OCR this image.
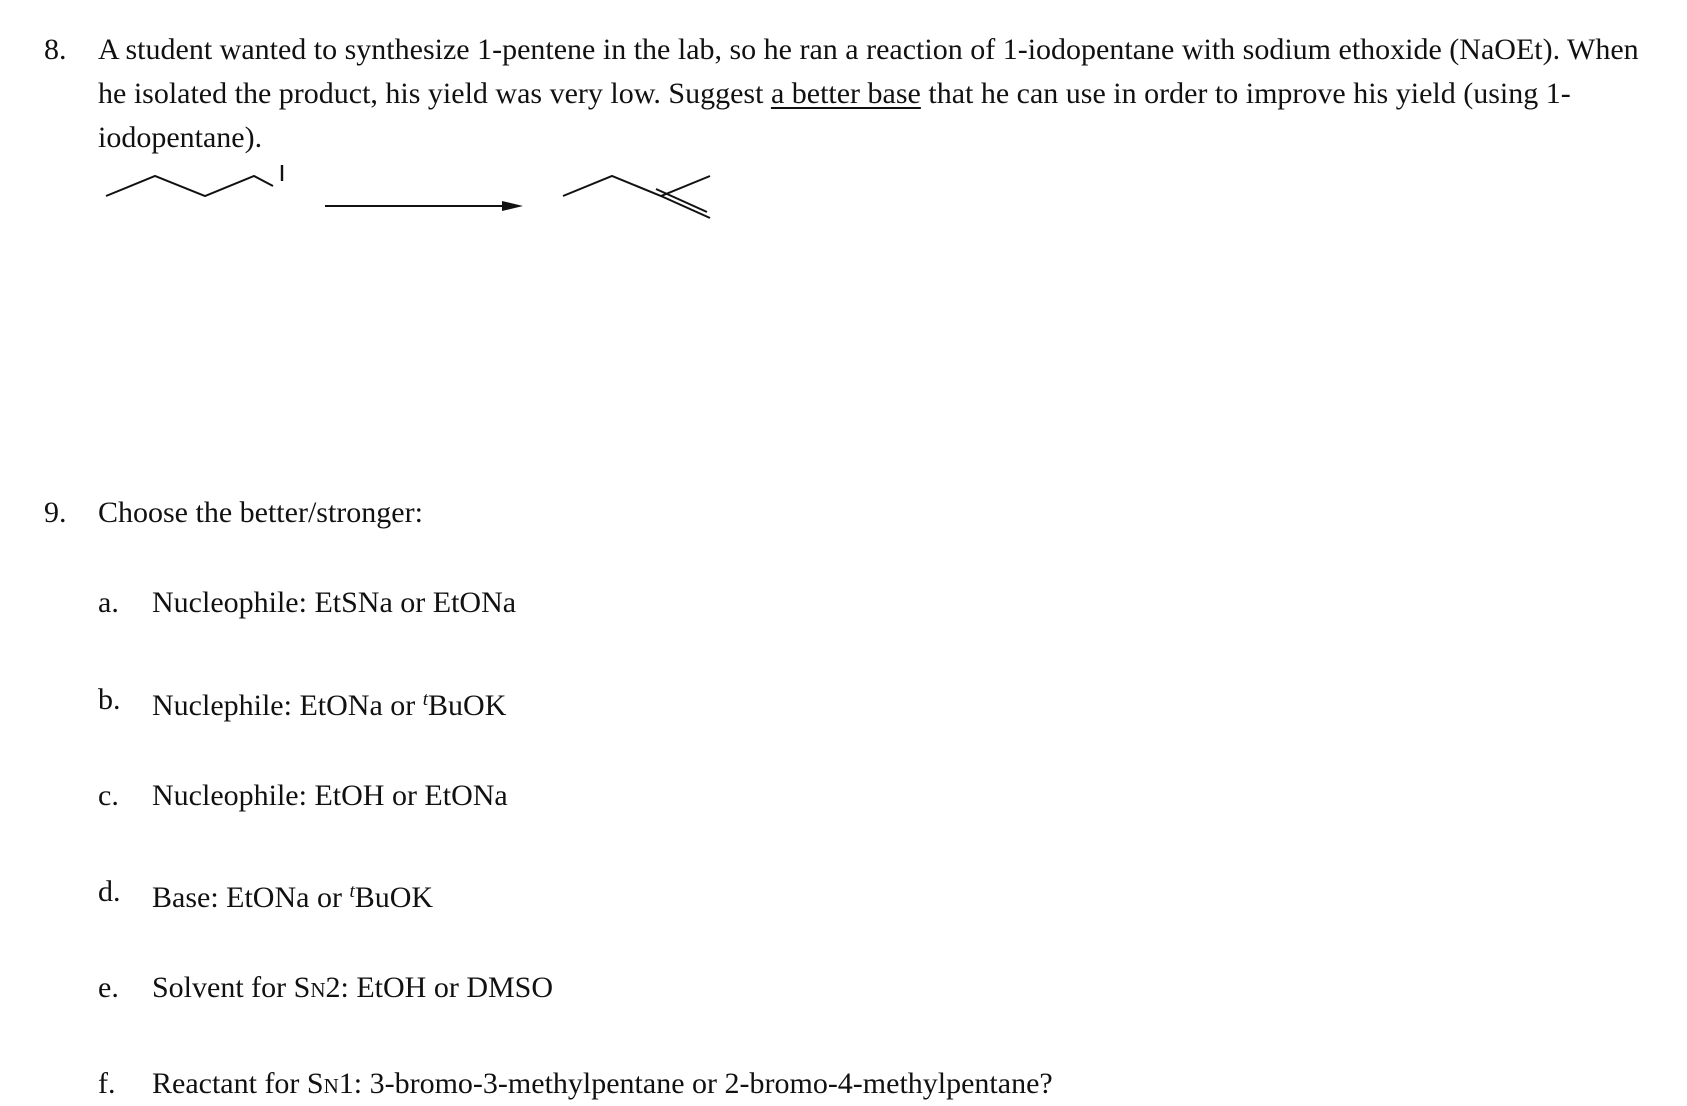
8. A student wanted to synthesize 1-pentene in the lab, so he ran a reaction of 1-iodopentane with sodium ethoxide (NaOEt). When he isolated the product, his yield was very low. Suggest a better base that he can use in order to improve his yield (using 1-iodopentane).
9. Choose the better/stronger:
a. Nucleophile: EtSNa or EtONa
b. Nuclephile: EtONa or $^t$BuOK
c. Nucleophile: EtOH or EtONa
d. Base: EtONa or $^t$BuOK
e. Solvent for SN2: EtOH or DMSO
f. Reactant for SN1: 3-bromo-3-methylpentane or 2-bromo-4-methylpentane?
